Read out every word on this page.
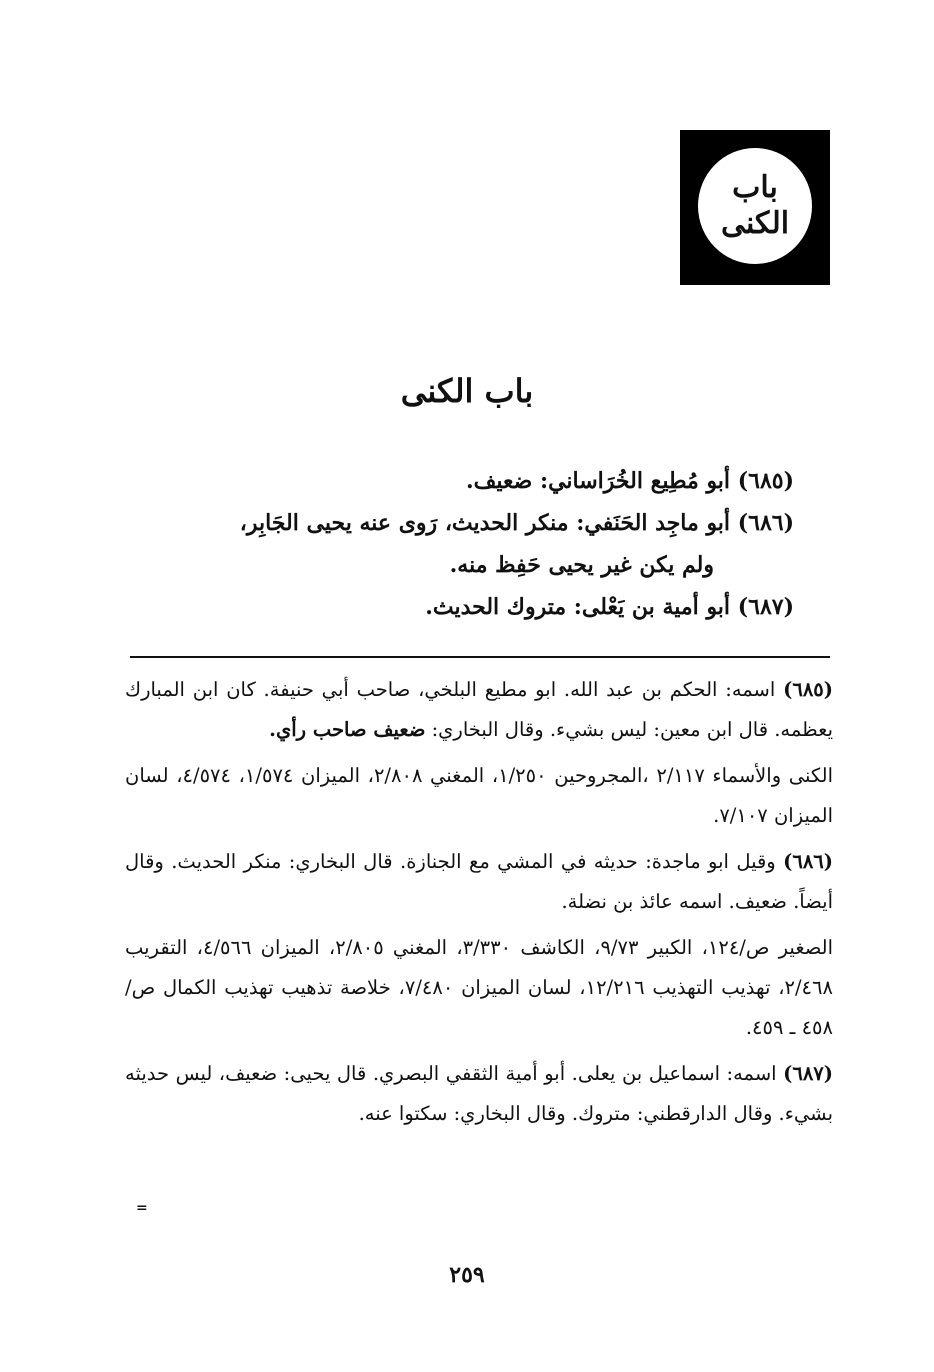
باب
الكنى
باب الكنى
(٦٨٥) أبو مُطِيع الخُرَاساني: ضعيف.
(٦٨٦) أبو ماجِد الحَنَفي: منكر الحديث، رَوى عنه يحيى الجَابِر،
ولم يكن غير يحيى حَفِظ منه.
(٦٨٧) أبو أمية بن يَعْلى: متروك الحديث.

(٦٨٥) اسمه: الحكم بن عبد الله. ابو مطيع البلخي، صاحب أبي حنيفة. كان ابن المبارك يعظمه. قال ابن معين: ليس بشيء. وقال البخاري: ضعيف صاحب رأي.

الكنى والأسماء ٢/١١٧ ،المجروحين ١/٢٥٠، المغني ٢/٨٠٨، الميزان ١/٥٧٤، ٤/٥٧٤، لسان الميزان ٧/١٠٧.

(٦٨٦) وقيل ابو ماجدة: حديثه في المشي مع الجنازة. قال البخاري: منكر الحديث. وقال أيضاً. ضعيف. اسمه عائذ بن نضلة.

الصغير ص/١٢٤، الكبير ٩/٧٣، الكاشف ٣/٣٣٠، المغني ٢/٨٠٥، الميزان ٤/٥٦٦، التقريب ٢/٤٦٨، تهذيب التهذيب ١٢/٢١٦، لسان الميزان ٧/٤٨٠، خلاصة تذهيب تهذيب الكمال ص/٤٥٨ ـ ٤٥٩.

(٦٨٧) اسمه: اسماعيل بن يعلى. أبو أمية الثقفي البصري. قال يحيى: ضعيف، ليس حديثه بشيء. وقال الدارقطني: متروك. وقال البخاري: سكتوا عنه.

=
٢٥٩
